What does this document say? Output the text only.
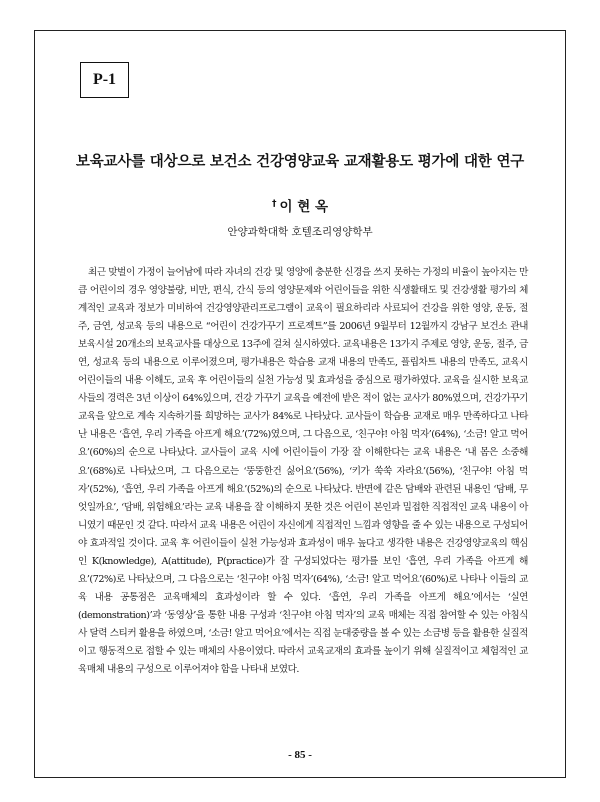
P-1
보육교사를 대상으로 보건소 건강영양교육 교재활용도 평가에 대한 연구
† 이 현 옥
안양과학대학 호텔조리영양학부

최근 맞벌이 가정이 늘어남에 따라 자녀의 건강 및 영양에 충분한 신경을 쓰지 못하는 가정의 비율이 높아지는 만큼 어린이의 경우 영양불량, 비만, 편식, 간식 등의 영양문제와 어린이들을 위한 식생활태도 및 건강생활 평가의 체계적인 교육과 정보가 미비하여 건강영양관리프로그램이 교육이 필요하리라 사료되어 건강을 위한 영양, 운동, 절주, 금연, 성교육 등의 내용으로 “어린이 건강가꾸기 프로젝트”를 2006년 9월부터 12월까지 강남구 보건소 관내 보육시설 20개소의 보육교사를 대상으로 13주에 걸쳐 실시하였다. 교육내용은 13가지 주제로 영양, 운동, 절주, 금연, 성교육 등의 내용으로 이루어졌으며, 평가내용은 학습용 교재 내용의 만족도, 플립차트 내용의 만족도, 교육시 어린이들의 내용 이해도, 교육 후 어린이들의 실천 가능성 및 효과성을 중심으로 평가하였다. 교육을 실시한 보육교사들의 경력은 3년 이상이 64%있으며, 건강 가꾸기 교육을 예전에 받은 적이 없는 교사가 80%였으며, 건강가꾸기 교육을 앞으로 계속 지속하기를 희망하는 교사가 84%로 나타났다. 교사들이 학습용 교재로 매우 만족하다고 나타난 내용은 ‘흡연, 우리 가족을 아프게 해요’(72%)였으며, 그 다음으로, ‘친구야! 아침 먹자’(64%), ‘소금! 알고 먹어요’(60%)의 순으로 나타났다. 교사들이 교육 시에 어린이들이 가장 잘 이해한다는 교육 내용은 ‘내 몸은 소중해요’(68%)로 나타났으며, 그 다음으로는 ‘뚱뚱한건 싫어요’(56%), ‘키가 쑥쑥 자라요’(56%), ‘친구야! 아침 먹자’(52%), ‘흡연, 우리 가족을 아프게 해요’(52%)의 순으로 나타났다. 반면에 같은 담배와 관련된 내용인 ‘담배, 무엇일까요’, ‘담배, 위험해요’라는 교육 내용을 잘 이해하지 못한 것은 어린이 본인과 밀접한 직접적인 교육 내용이 아니였기 때문인 것 같다. 따라서 교육 내용은 어린이 자신에게 직접적인 느낌과 영향을 줄 수 있는 내용으로 구성되어야 효과적일 것이다. 교육 후 어린이들이 실천 가능성과 효과성이 매우 높다고 생각한 내용은 건강영양교육의 핵심인 K(knowledge), A(attitude), P(practice)가 잘 구성되었다는 평가를 보인 ‘흡연, 우리 가족을 아프게 해요’(72%)로 나타났으며, 그 다음으로는 ‘친구야! 아침 먹자’(64%), ‘소금! 알고 먹어요’(60%)로 나타나 이들의 교육 내용 공통점은 교육매체의 효과성이라 할 수 있다. ‘흡연, 우리 가족을 아프게 해요’에서는 ‘실연(demonstration)’과 ‘동영상’을 통한 내용 구성과 ‘친구야! 아침 먹자’의 교육 매체는 직접 참여할 수 있는 아침식사 달력 스티커 활용을 하였으며, ‘소금! 알고 먹어요’에서는 직접 눈대중량을 볼 수 있는 소금병 등을 활용한 실질적이고 행동적으로 접할 수 있는 매체의 사용이였다. 따라서 교육교재의 효과를 높이기 위해 실질적이고 체험적인 교육매체 내용의 구성으로 이루어져야 함을 나타내 보였다.

- 85 -
